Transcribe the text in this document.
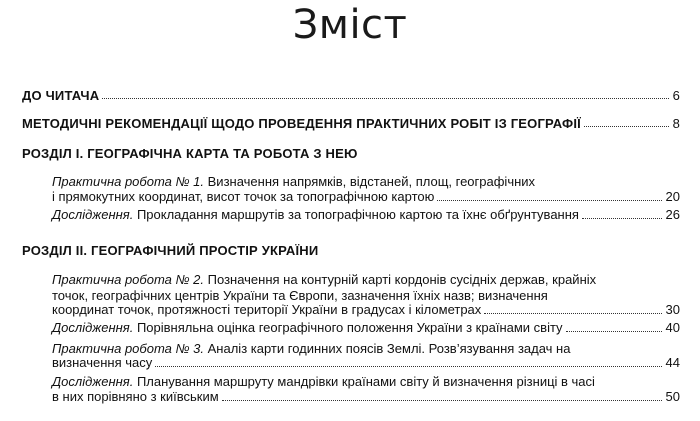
Зміст
ДО ЧИТАЧА	6
МЕТОДИЧНІ РЕКОМЕНДАЦІЇ ЩОДО ПРОВЕДЕННЯ ПРАКТИЧНИХ РОБІТ ІЗ ГЕОГРАФІЇ	8
РОЗДІЛ І. ГЕОГРАФІЧНА КАРТА ТА РОБОТА З НЕЮ
Практична робота № 1. Визначення напрямків, відстаней, площ, географічних
і прямокутних координат, висот точок за топографічною картою	20
Дослідження. Прокладання маршрутів за топографічною картою та їхнє обґрунтування	26
РОЗДІЛ ІІ. ГЕОГРАФІЧНИЙ ПРОСТІР УКРАЇНИ
Практична робота № 2. Позначення на контурній карті кордонів сусідніх держав, крайніх
точок, географічних центрів України та Європи, зазначення їхніх назв; визначення
координат точок, протяжності території України в градусах і кілометрах	30
Дослідження. Порівняльна оцінка географічного положення України з країнами світу	40
Практична робота № 3. Аналіз карти годинних поясів Землі. Розв’язування задач на
визначення часу	44
Дослідження. Планування маршруту мандрівки країнами світу й визначення різниці в часі
в них порівняно з київським	50
